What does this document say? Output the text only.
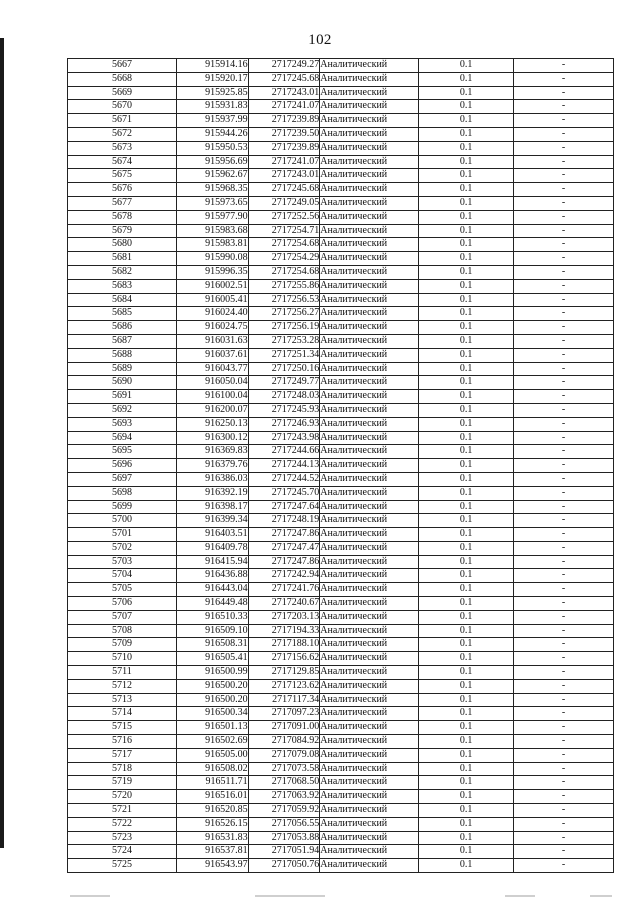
102
5667	915914.16	2717249.27	Аналитический	0.1	-
5668	915920.17	2717245.68	Аналитический	0.1	-
5669	915925.85	2717243.01	Аналитический	0.1	-
5670	915931.83	2717241.07	Аналитический	0.1	-
5671	915937.99	2717239.89	Аналитический	0.1	-
5672	915944.26	2717239.50	Аналитический	0.1	-
5673	915950.53	2717239.89	Аналитический	0.1	-
5674	915956.69	2717241.07	Аналитический	0.1	-
5675	915962.67	2717243.01	Аналитический	0.1	-
5676	915968.35	2717245.68	Аналитический	0.1	-
5677	915973.65	2717249.05	Аналитический	0.1	-
5678	915977.90	2717252.56	Аналитический	0.1	-
5679	915983.68	2717254.71	Аналитический	0.1	-
5680	915983.81	2717254.68	Аналитический	0.1	-
5681	915990.08	2717254.29	Аналитический	0.1	-
5682	915996.35	2717254.68	Аналитический	0.1	-
5683	916002.51	2717255.86	Аналитический	0.1	-
5684	916005.41	2717256.53	Аналитический	0.1	-
5685	916024.40	2717256.27	Аналитический	0.1	-
5686	916024.75	2717256.19	Аналитический	0.1	-
5687	916031.63	2717253.28	Аналитический	0.1	-
5688	916037.61	2717251.34	Аналитический	0.1	-
5689	916043.77	2717250.16	Аналитический	0.1	-
5690	916050.04	2717249.77	Аналитический	0.1	-
5691	916100.04	2717248.03	Аналитический	0.1	-
5692	916200.07	2717245.93	Аналитический	0.1	-
5693	916250.13	2717246.93	Аналитический	0.1	-
5694	916300.12	2717243.98	Аналитический	0.1	-
5695	916369.83	2717244.66	Аналитический	0.1	-
5696	916379.76	2717244.13	Аналитический	0.1	-
5697	916386.03	2717244.52	Аналитический	0.1	-
5698	916392.19	2717245.70	Аналитический	0.1	-
5699	916398.17	2717247.64	Аналитический	0.1	-
5700	916399.34	2717248.19	Аналитический	0.1	-
5701	916403.51	2717247.86	Аналитический	0.1	-
5702	916409.78	2717247.47	Аналитический	0.1	-
5703	916415.94	2717247.86	Аналитический	0.1	-
5704	916436.88	2717242.94	Аналитический	0.1	-
5705	916443.04	2717241.76	Аналитический	0.1	-
5706	916449.48	2717240.67	Аналитический	0.1	-
5707	916510.33	2717203.13	Аналитический	0.1	-
5708	916509.10	2717194.33	Аналитический	0.1	-
5709	916508.31	2717188.10	Аналитический	0.1	-
5710	916505.41	2717156.62	Аналитический	0.1	-
5711	916500.99	2717129.85	Аналитический	0.1	-
5712	916500.20	2717123.62	Аналитический	0.1	-
5713	916500.20	2717117.34	Аналитический	0.1	-
5714	916500.34	2717097.23	Аналитический	0.1	-
5715	916501.13	2717091.00	Аналитический	0.1	-
5716	916502.69	2717084.92	Аналитический	0.1	-
5717	916505.00	2717079.08	Аналитический	0.1	-
5718	916508.02	2717073.58	Аналитический	0.1	-
5719	916511.71	2717068.50	Аналитический	0.1	-
5720	916516.01	2717063.92	Аналитический	0.1	-
5721	916520.85	2717059.92	Аналитический	0.1	-
5722	916526.15	2717056.55	Аналитический	0.1	-
5723	916531.83	2717053.88	Аналитический	0.1	-
5724	916537.81	2717051.94	Аналитический	0.1	-
5725	916543.97	2717050.76	Аналитический	0.1	-
